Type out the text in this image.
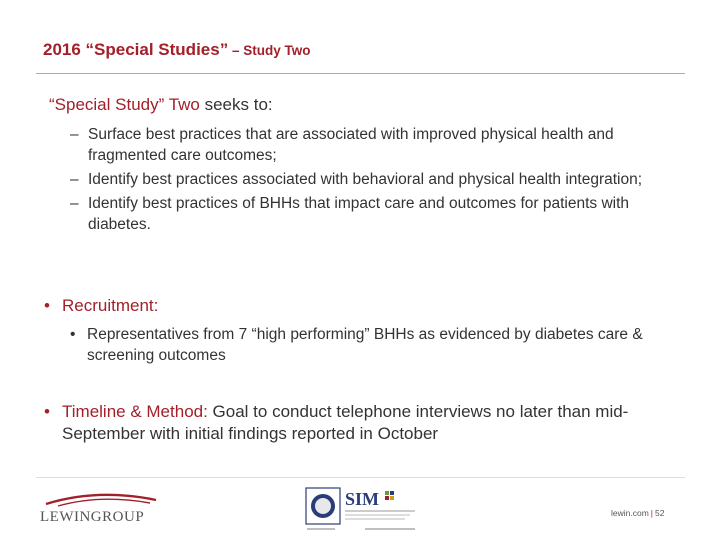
2016 “Special Studies” – Study Two
“Special Study” Two seeks to:
– Surface best practices that are associated with improved physical health and fragmented care outcomes;
– Identify best practices associated with behavioral and physical health integration;
– Identify best practices of BHHs that impact care and outcomes for patients with diabetes.
• Recruitment:
• Representatives from 7 “high performing” BHHs as evidenced by diabetes care & screening outcomes
• Timeline & Method: Goal to conduct telephone interviews no later than mid-September with initial findings reported in October
LEWINGROUP
SIM
lewin.com | 52
